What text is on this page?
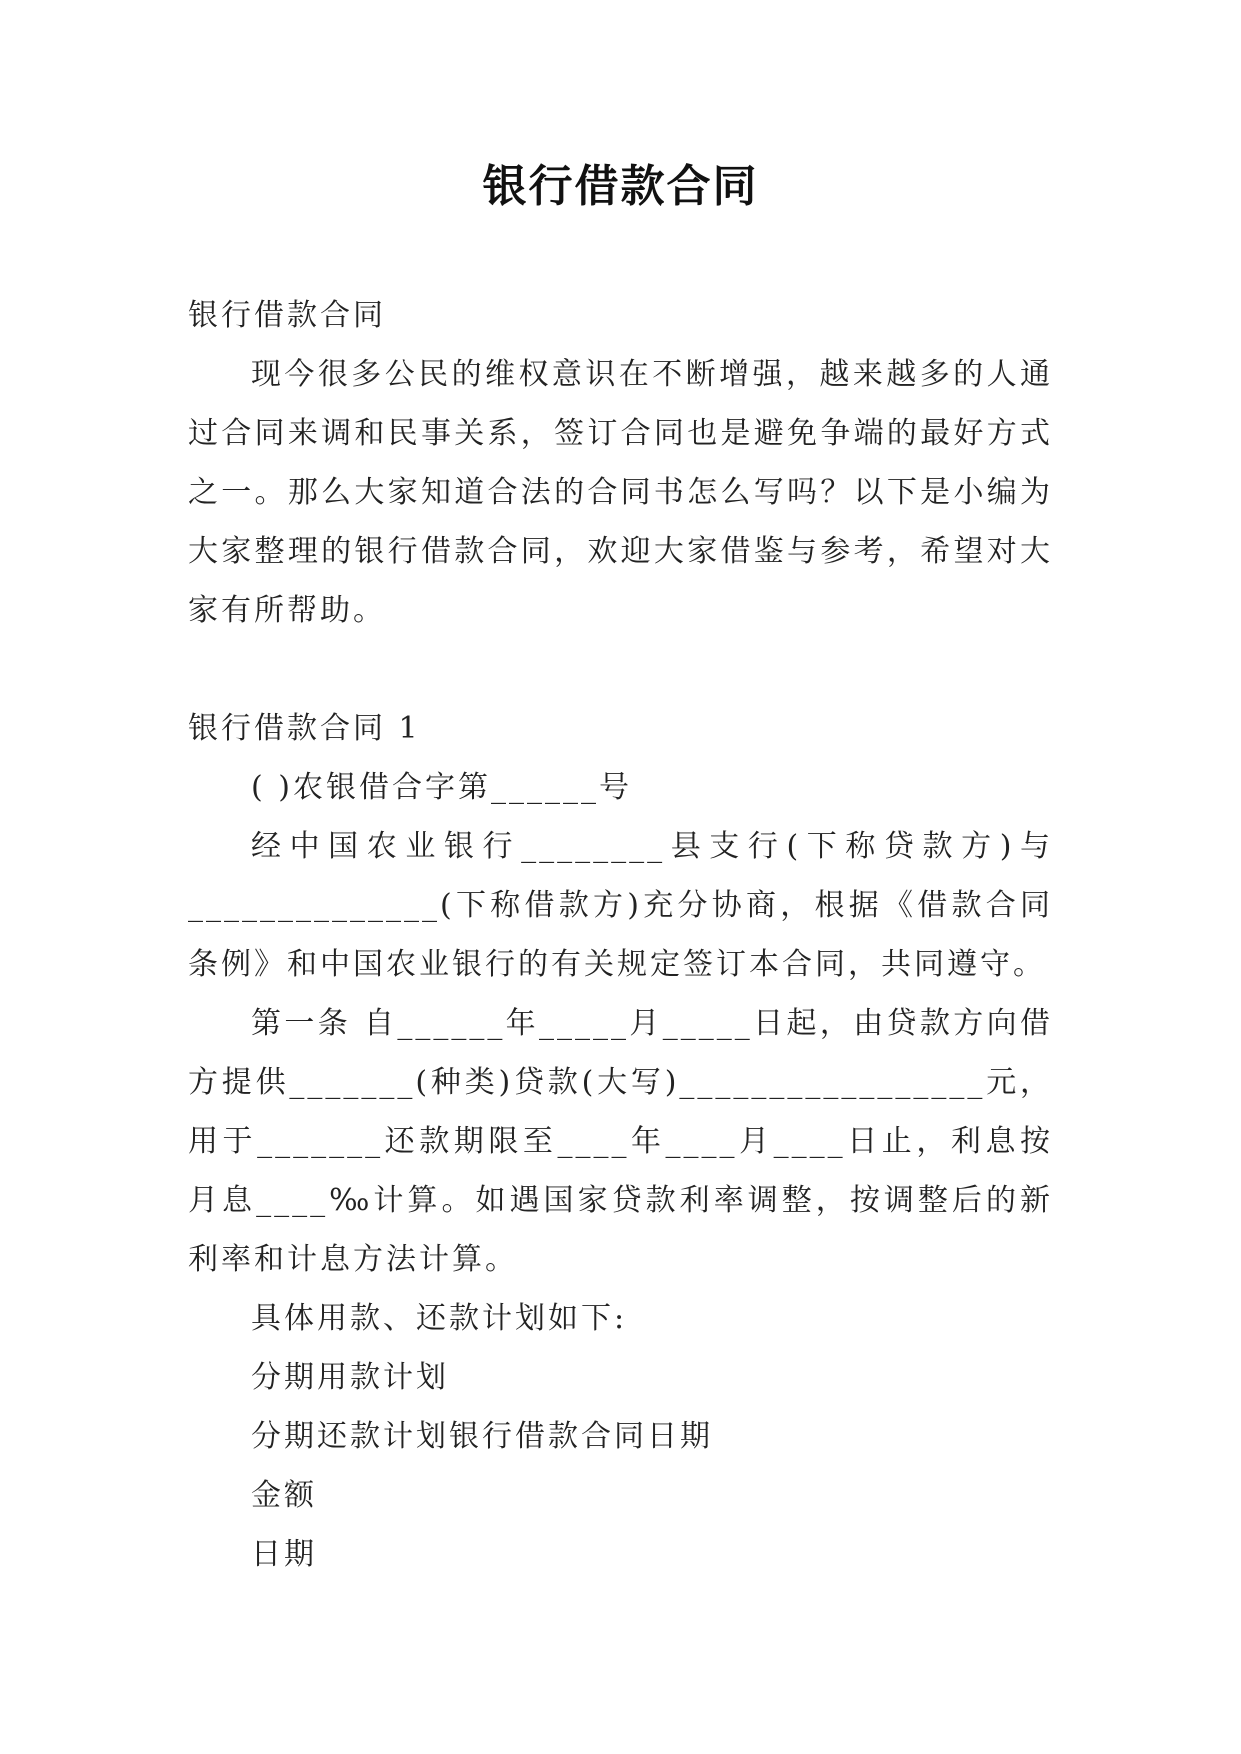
银行借款合同
银行借款合同
现今很多公民的维权意识在不断增强，越来越多的人通过合同来调和民事关系，签订合同也是避免争端的最好方式之一。那么大家知道合法的合同书怎么写吗？以下是小编为大家整理的银行借款合同，欢迎大家借鉴与参考，希望对大家有所帮助。
银行借款合同 1
( )农银借合字第______号
经中国农业银行________县支行(下称贷款方)与______________(下称借款方)充分协商，根据《借款合同条例》和中国农业银行的有关规定签订本合同，共同遵守。
第一条 自______年_____月_____日起，由贷款方向借方提供_______(种类)贷款(大写)_________________元，用于_______还款期限至____年____月____日止，利息按月息____‰计算。如遇国家贷款利率调整，按调整后的新利率和计息方法计算。
具体用款、还款计划如下:
分期用款计划
分期还款计划银行借款合同日期
金额
日期
